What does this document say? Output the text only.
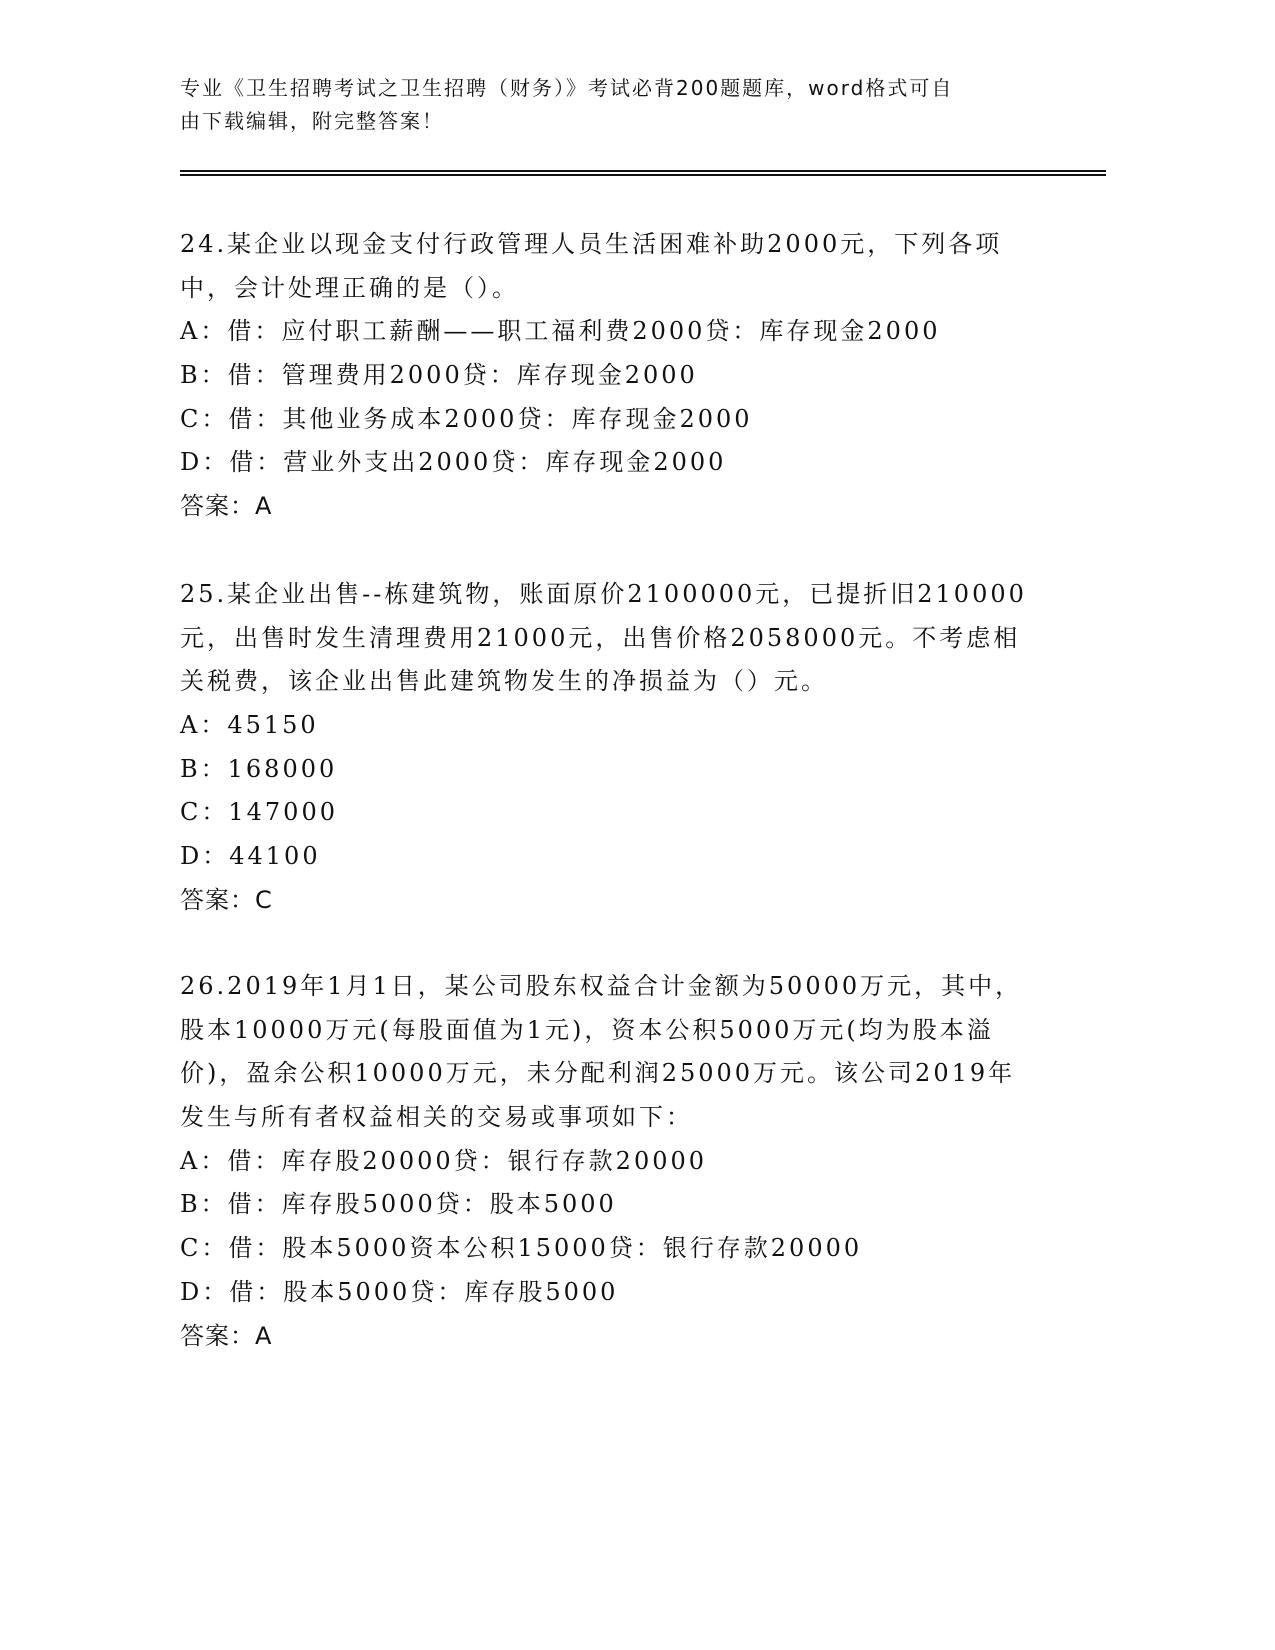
专业《卫生招聘考试之卫生招聘（财务）》考试必背200题题库，word格式可自
由下载编辑，附完整答案！
24.某企业以现金支付行政管理人员生活困难补助2000元，下列各项
中，会计处理正确的是（）。
A：借：应付职工薪酬——职工福利费2000贷：库存现金2000
B：借：管理费用2000贷：库存现金2000
C：借：其他业务成本2000贷：库存现金2000
D：借：营业外支出2000贷：库存现金2000
答案：A
25.某企业出售--栋建筑物，账面原价2100000元，已提折旧210000
元，出售时发生清理费用21000元，出售价格2058000元。不考虑相
关税费，该企业出售此建筑物发生的净损益为（）元。
A：45150
B：168000
C：147000
D：44100
答案：C
26.2019年1月1日，某公司股东权益合计金额为50000万元，其中，
股本10000万元(每股面值为1元)，资本公积5000万元(均为股本溢
价)，盈余公积10000万元，未分配利润25000万元。该公司2019年
发生与所有者权益相关的交易或事项如下：
A：借：库存股20000贷：银行存款20000
B：借：库存股5000贷：股本5000
C：借：股本5000资本公积15000贷：银行存款20000
D：借：股本5000贷：库存股5000
答案：A
